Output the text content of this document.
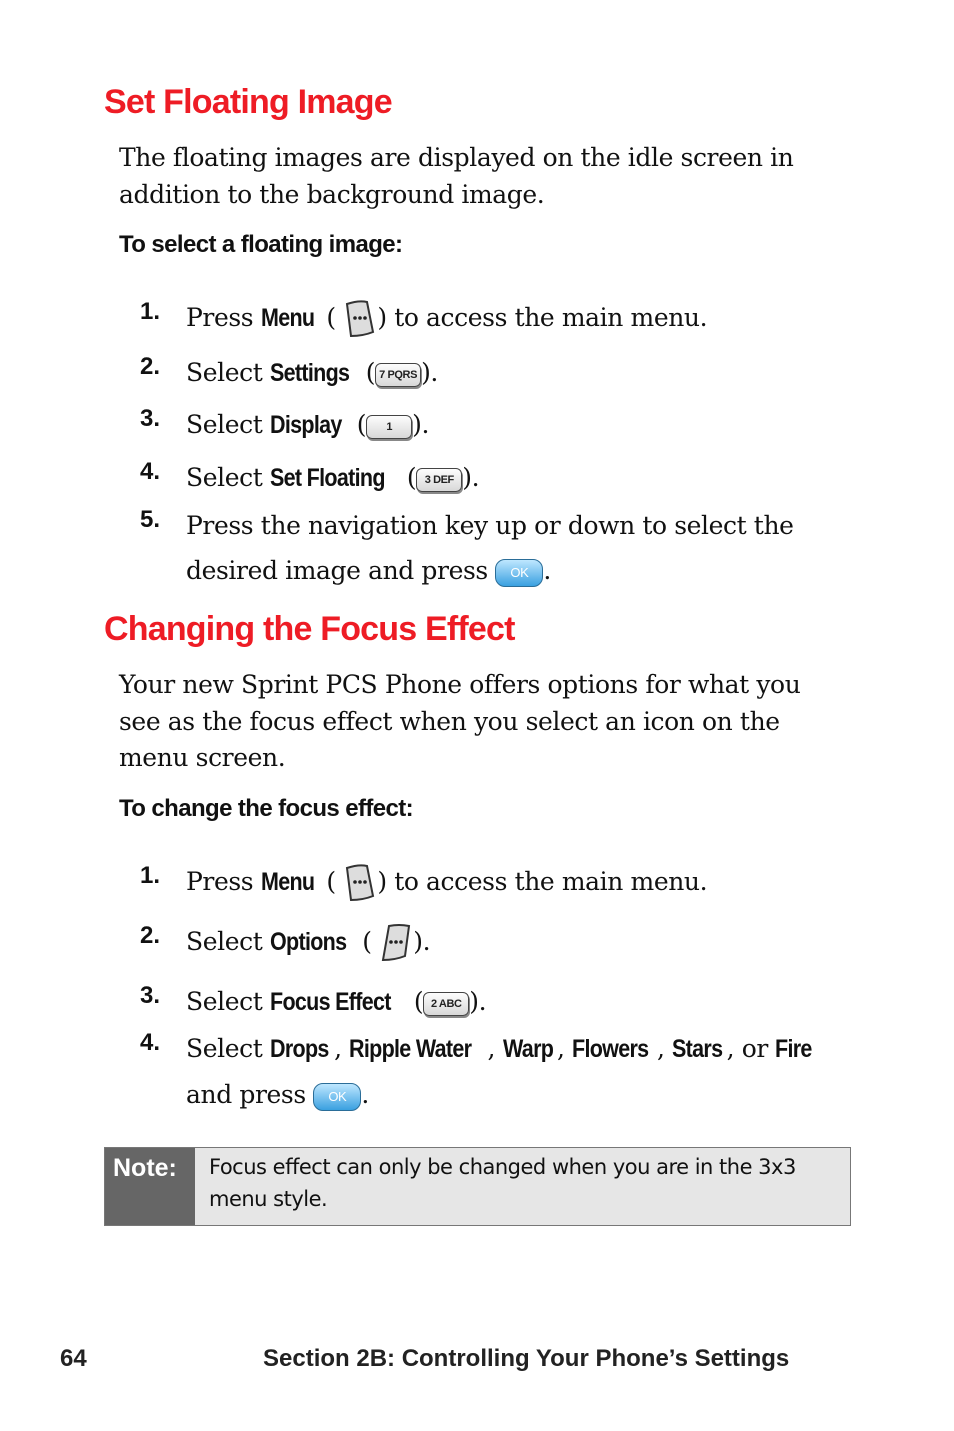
Set Floating Image
The floating images are displayed on the idle screen in addition to the background image.
To select a floating image:
1. Press Menu ( ) to access the main menu.
2. Select Settings ( 7 PQRS ).
3. Select Display ( 1 ).
4. Select Set Floating ( 3 DEF ).
5. Press the navigation key up or down to select the
desired image and press OK .
Changing the Focus Effect
Your new Sprint PCS Phone offers options for what you see as the focus effect when you select an icon on the menu screen.
To change the focus effect:
1. Press Menu ( ) to access the main menu.
2. Select Options ( ).
3. Select Focus Effect ( 2 ABC ).
4. Select Drops , Ripple Water , Warp , Flowers , Stars , or Fire
and press OK .
Note:	Focus effect can only be changed when you are in the 3x3 menu style.
64	Section 2B: Controlling Your Phone’s Settings
